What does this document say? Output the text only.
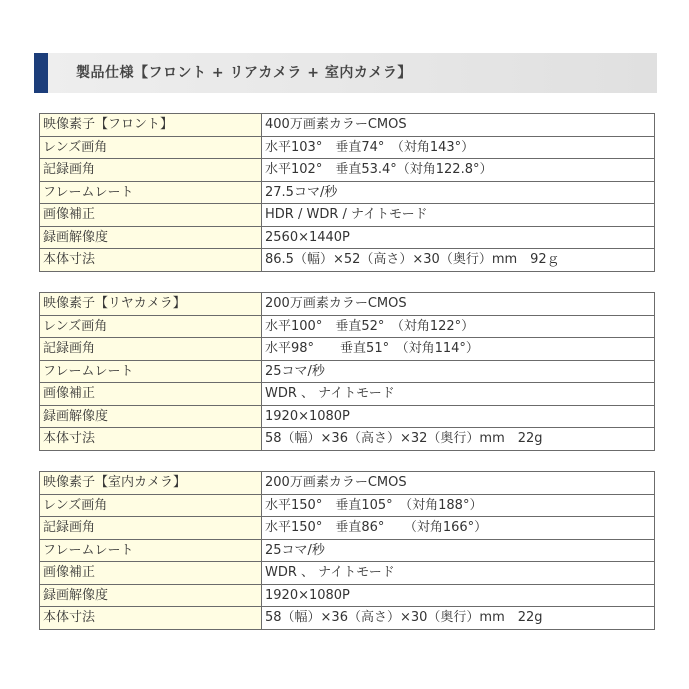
製品仕様【フロント + リアカメラ + 室内カメラ】
映像素子【フロント】	400万画素カラーCMOS
レンズ画角	水平103°　垂直74°　（対角143°）
記録画角	水平102°　垂直53.4°（対角122.8°）
フレームレート	27.5コマ/秒
画像補正	HDR / WDR / ナイトモード
録画解像度	2560×1440P
本体寸法	86.5（幅）×52（高さ）×30（奥行）mm　92ｇ
映像素子【リヤカメラ】	200万画素カラーCMOS
レンズ画角	水平100°　垂直52°　（対角122°）
記録画角	水平98°　　垂直51°　（対角114°）
フレームレート	25コマ/秒
画像補正	WDR 、 ナイトモード
録画解像度	1920×1080P
本体寸法	58（幅）×36（高さ）×32（奥行）mm　22g
映像素子【室内カメラ】	200万画素カラーCMOS
レンズ画角	水平150°　垂直105°　（対角188°）
記録画角	水平150°　垂直86°　　（対角166°）
フレームレート	25コマ/秒
画像補正	WDR 、 ナイトモード
録画解像度	1920×1080P
本体寸法	58（幅）×36（高さ）×30（奥行）mm　22g
